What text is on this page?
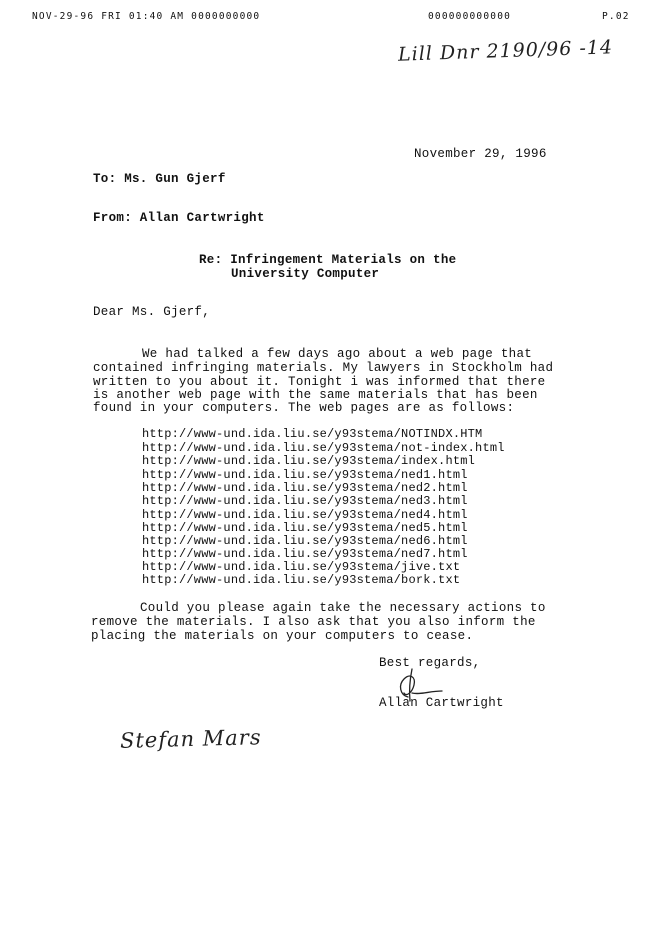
NOV-29-96 FRI 01:40 AM 0000000000	000000000000	P.02
Lill Dnr 2190/96 -14
November 29, 1996
To: Ms. Gun Gjerf
From: Allan Cartwright
Re: Infringement Materials on the
University Computer
Dear Ms. Gjerf,
We had talked a few days ago about a web page that
contained infringing materials. My lawyers in Stockholm had
written to you about it. Tonight i was informed that there
is another web page with the same materials that has been
found in your computers. The web pages are as follows:
http://www-und.ida.liu.se/y93stema/NOTINDX.HTM
http://www-und.ida.liu.se/y93stema/not-index.html
http://www-und.ida.liu.se/y93stema/index.html
http://www-und.ida.liu.se/y93stema/ned1.html
http://www-und.ida.liu.se/y93stema/ned2.html
http://www-und.ida.liu.se/y93stema/ned3.html
http://www-und.ida.liu.se/y93stema/ned4.html
http://www-und.ida.liu.se/y93stema/ned5.html
http://www-und.ida.liu.se/y93stema/ned6.html
http://www-und.ida.liu.se/y93stema/ned7.html
http://www-und.ida.liu.se/y93stema/jive.txt
http://www-und.ida.liu.se/y93stema/bork.txt
Could you please again take the necessary actions to
remove the materials. I also ask that you also inform the
placing the materials on your computers to cease.
Best regards,
Allan Cartwright
Stefan Mars
